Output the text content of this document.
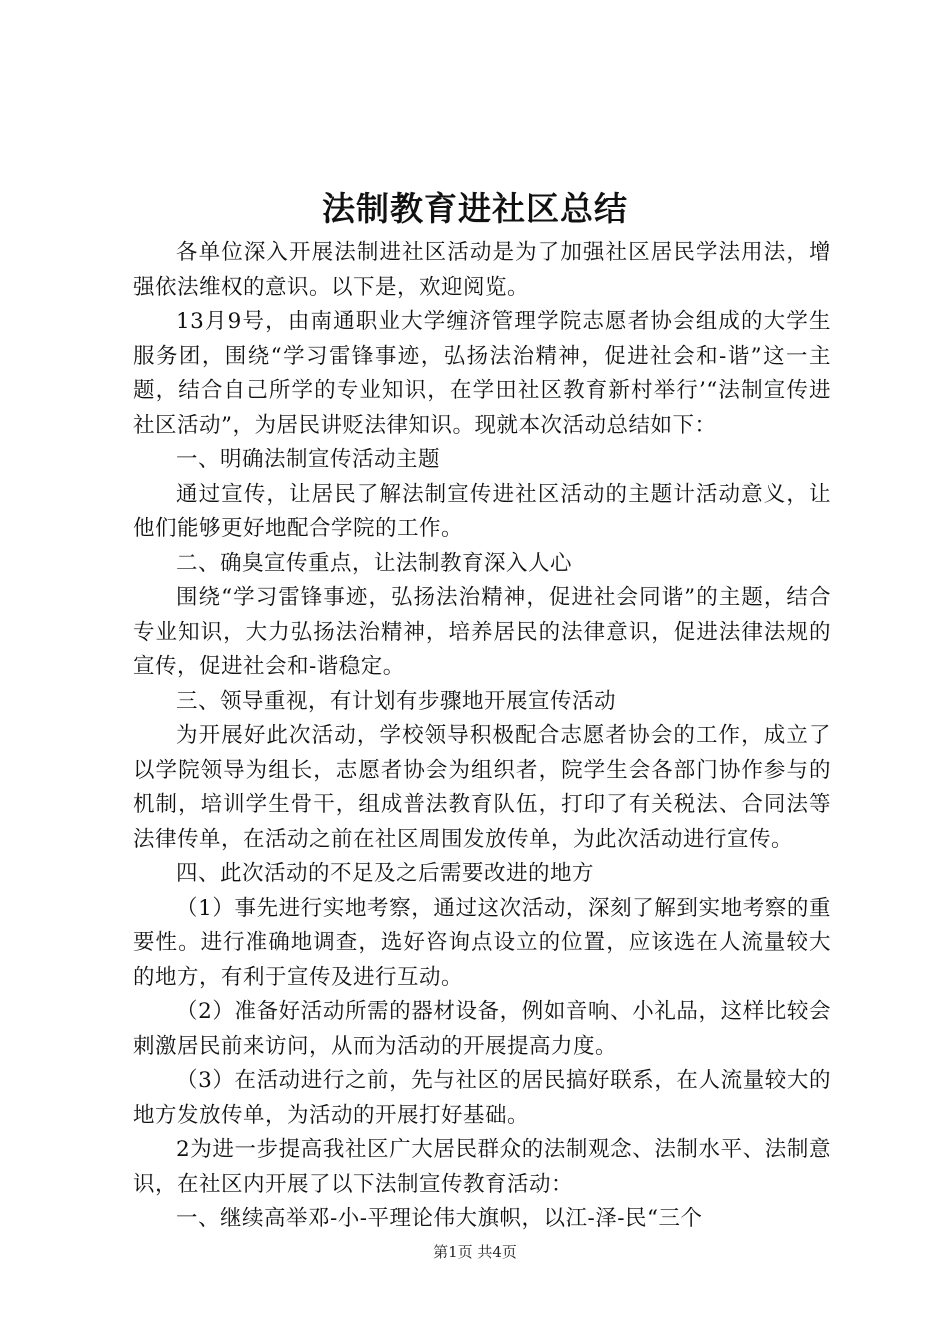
法制教育进社区总结

各单位深入开展法制进社区活动是为了加强社区居民学法用法，增强依法维权的意识。以下是，欢迎阅览。

13月9号，由南通职业大学缠济管理学院志愿者协会组成的大学生服务团，围绕“学习雷锋事迹，弘扬法治精神，促进社会和-谐”这一主题，结合自己所学的专业知识，在学田社区教育新村举行’“法制宣传进社区活动”，为居民讲贬法律知识。现就本次活动总结如下：

一、明确法制宣传活动主题

通过宣传，让居民了解法制宣传进社区活动的主题计活动意义，让他们能够更好地配合学院的工作。

二、确臭宣传重点，让法制教育深入人心

围绕“学习雷锋事迹，弘扬法治精神，促进社会同谐”的主题，结合专业知识，大力弘扬法治精神，培养居民的法律意识，促进法律法规的宣传，促进社会和-谐稳定。

三、领导重视，有计划有步骤地开展宣传活动

为开展好此次活动，学校领导积极配合志愿者协会的工作，成立了以学院领导为组长，志愿者协会为组织者，院学生会各部门协作参与的机制，培训学生骨干，组成普法教育队伍，打印了有关税法、合同法等法律传单，在活动之前在社区周围发放传单，为此次活动进行宣传。

四、此次活动的不足及之后需要改进的地方

（1）事先进行实地考察，通过这次活动，深刻了解到实地考察的重要性。进行准确地调查，选好咨询点设立的位置，应该选在人流量较大的地方，有利于宣传及进行互动。

（2）准备好活动所需的器材设备，例如音响、小礼品，这样比较会刺激居民前来访问，从而为活动的开展提高力度。

（3）在活动进行之前，先与社区的居民搞好联系，在人流量较大的地方发放传单，为活动的开展打好基础。

2为进一步提高我社区广大居民群众的法制观念、法制水平、法制意识，在社区内开展了以下法制宣传教育活动：

一、继续高举邓-小-平理论伟大旗帜，以江-泽-民“三个

第1页 共4页
